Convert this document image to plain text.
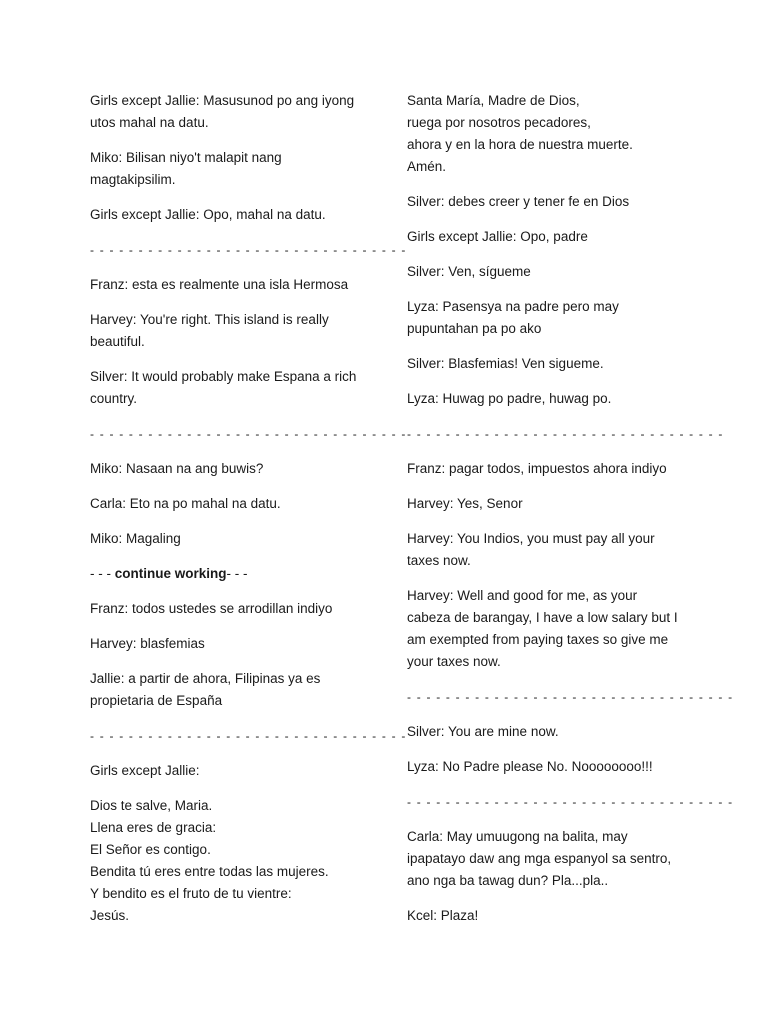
Girls except Jallie: Masusunod po ang iyong utos mahal na datu.
Miko: Bilisan niyo't malapit nang magtakipsilim.
Girls except Jallie: Opo, mahal na datu.
- - - - - - - - - - - - - - - - - - - - - - - - - - - - - - - - -
Franz: esta es realmente una isla Hermosa
Harvey: You're right. This island is really beautiful.
Silver: It would probably make Espana a rich country.
- - - - - - - - - - - - - - - - - - - - - - - - - - - - - - - - -
Miko: Nasaan na ang buwis?
Carla: Eto na po mahal na datu.
Miko: Magaling
- - - continue working- - -
Franz: todos ustedes se arrodillan indiyo
Harvey: blasfemias
Jallie: a partir de ahora, Filipinas ya es propietaria de España
- - - - - - - - - - - - - - - - - - - - - - - - - - - - - - - - -
Girls except Jallie:
Dios te salve, Maria.
Llena eres de gracia:
El Señor es contigo.
Bendita tú eres entre todas las mujeres.
Y bendito es el fruto de tu vientre:
Jesús.
Santa María, Madre de Dios,
ruega por nosotros pecadores,
ahora y en la hora de nuestra muerte.
Amén.
Silver: debes creer y tener fe en Dios
Girls except Jallie: Opo, padre
Silver: Ven, sígueme
Lyza: Pasensya na padre pero may pupuntahan pa po ako
Silver: Blasfemias! Ven sigueme.
Lyza: Huwag po padre, huwag po.
- - - - - - - - - - - - - - - - - - - - - - - - - - - - - - - - -
Franz: pagar todos, impuestos ahora indiyo
Harvey: Yes, Senor
Harvey: You Indios, you must pay all your taxes now.
Harvey: Well and good for me, as your cabeza de barangay, I have a low salary but I am exempted from paying taxes so give me your taxes now.
- - - - - - - - - - - - - - - - - - - - - - - - - - - - - - - - - -
Silver: You are mine now.
Lyza: No Padre please No. Noooooooo!!!
- - - - - - - - - - - - - - - - - - - - - - - - - - - - - - - - - -
Carla: May umuugong na balita, may ipapatayo daw ang mga espanyol sa sentro, ano nga ba tawag dun? Pla...pla..
Kcel: Plaza!
